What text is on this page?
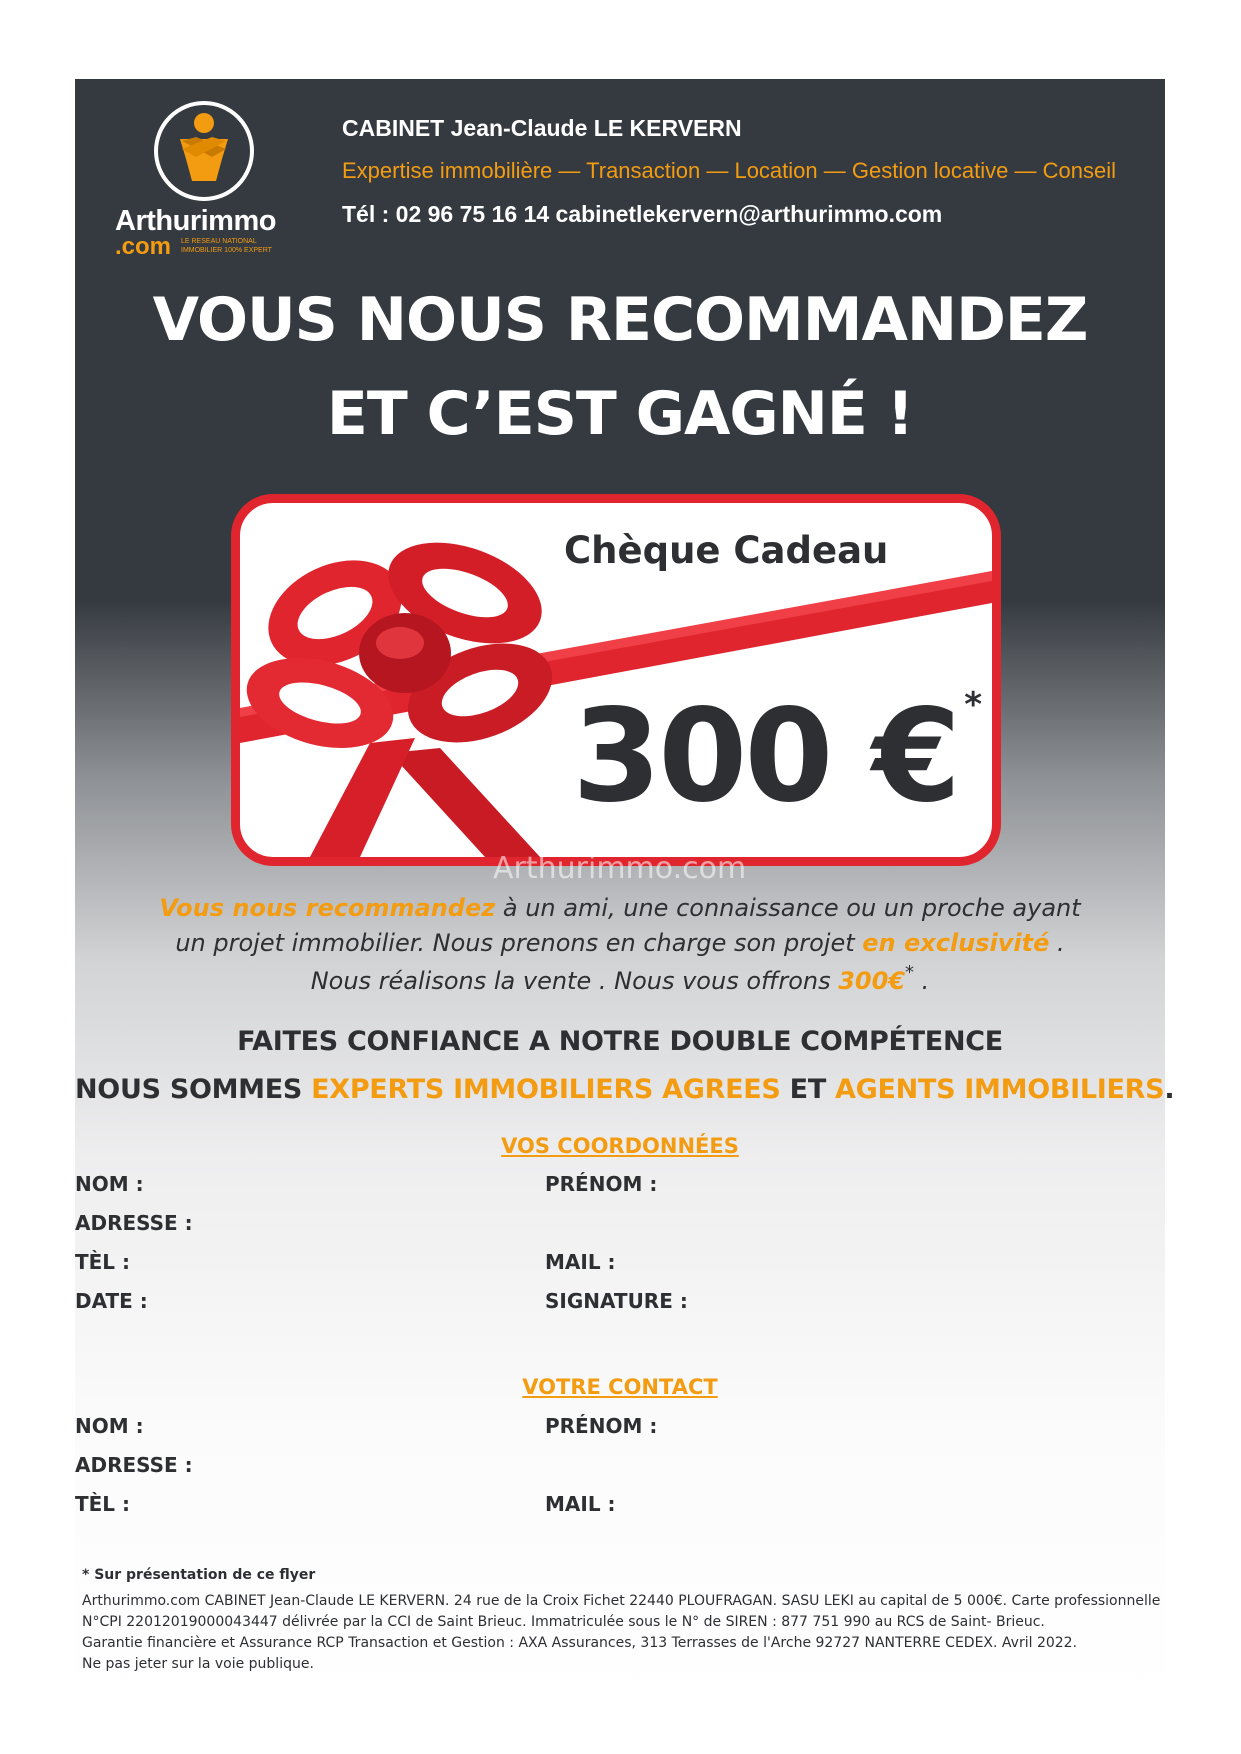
Arthurimmo
.com LE RESEAU NATIONAL IMMOBILIER 100% EXPERT
CABINET Jean-Claude LE KERVERN
Expertise immobilière — Transaction — Location — Gestion locative — Conseil
Tél : 02 96 75 16 14 cabinetlekervern@arthurimmo.com
VOUS NOUS RECOMMANDEZ
ET C’EST GAGNÉ !
Chèque Cadeau
300 € *
Arthurimmo.com
Vous nous recommandez à un ami, une connaissance ou un proche ayant
un projet immobilier. Nous prenons en charge son projet en exclusivité .
Nous réalisons la vente . Nous vous offrons 300€* .
FAITES CONFIANCE A NOTRE DOUBLE COMPÉTENCE
NOUS SOMMES EXPERTS IMMOBILIERS AGREES ET AGENTS IMMOBILIERS.
VOS COORDONNÉES
NOM :	PRÉNOM :
ADRESSE :
TÈL :	MAIL :
DATE :	SIGNATURE :
VOTRE CONTACT
NOM :	PRÉNOM :
ADRESSE :
TÈL :	MAIL :
* Sur présentation de ce flyer
Arthurimmo.com CABINET Jean-Claude LE KERVERN. 24 rue de la Croix Fichet 22440 PLOUFRAGAN. SASU LEKI au capital de 5 000€. Carte professionnelle
N°CPI 22012019000043447 délivrée par la CCI de Saint Brieuc. Immatriculée sous le N° de SIREN : 877 751 990 au RCS de Saint- Brieuc.
Garantie financière et Assurance RCP Transaction et Gestion : AXA Assurances, 313 Terrasses de l'Arche 92727 NANTERRE CEDEX. Avril 2022.
Ne pas jeter sur la voie publique.
